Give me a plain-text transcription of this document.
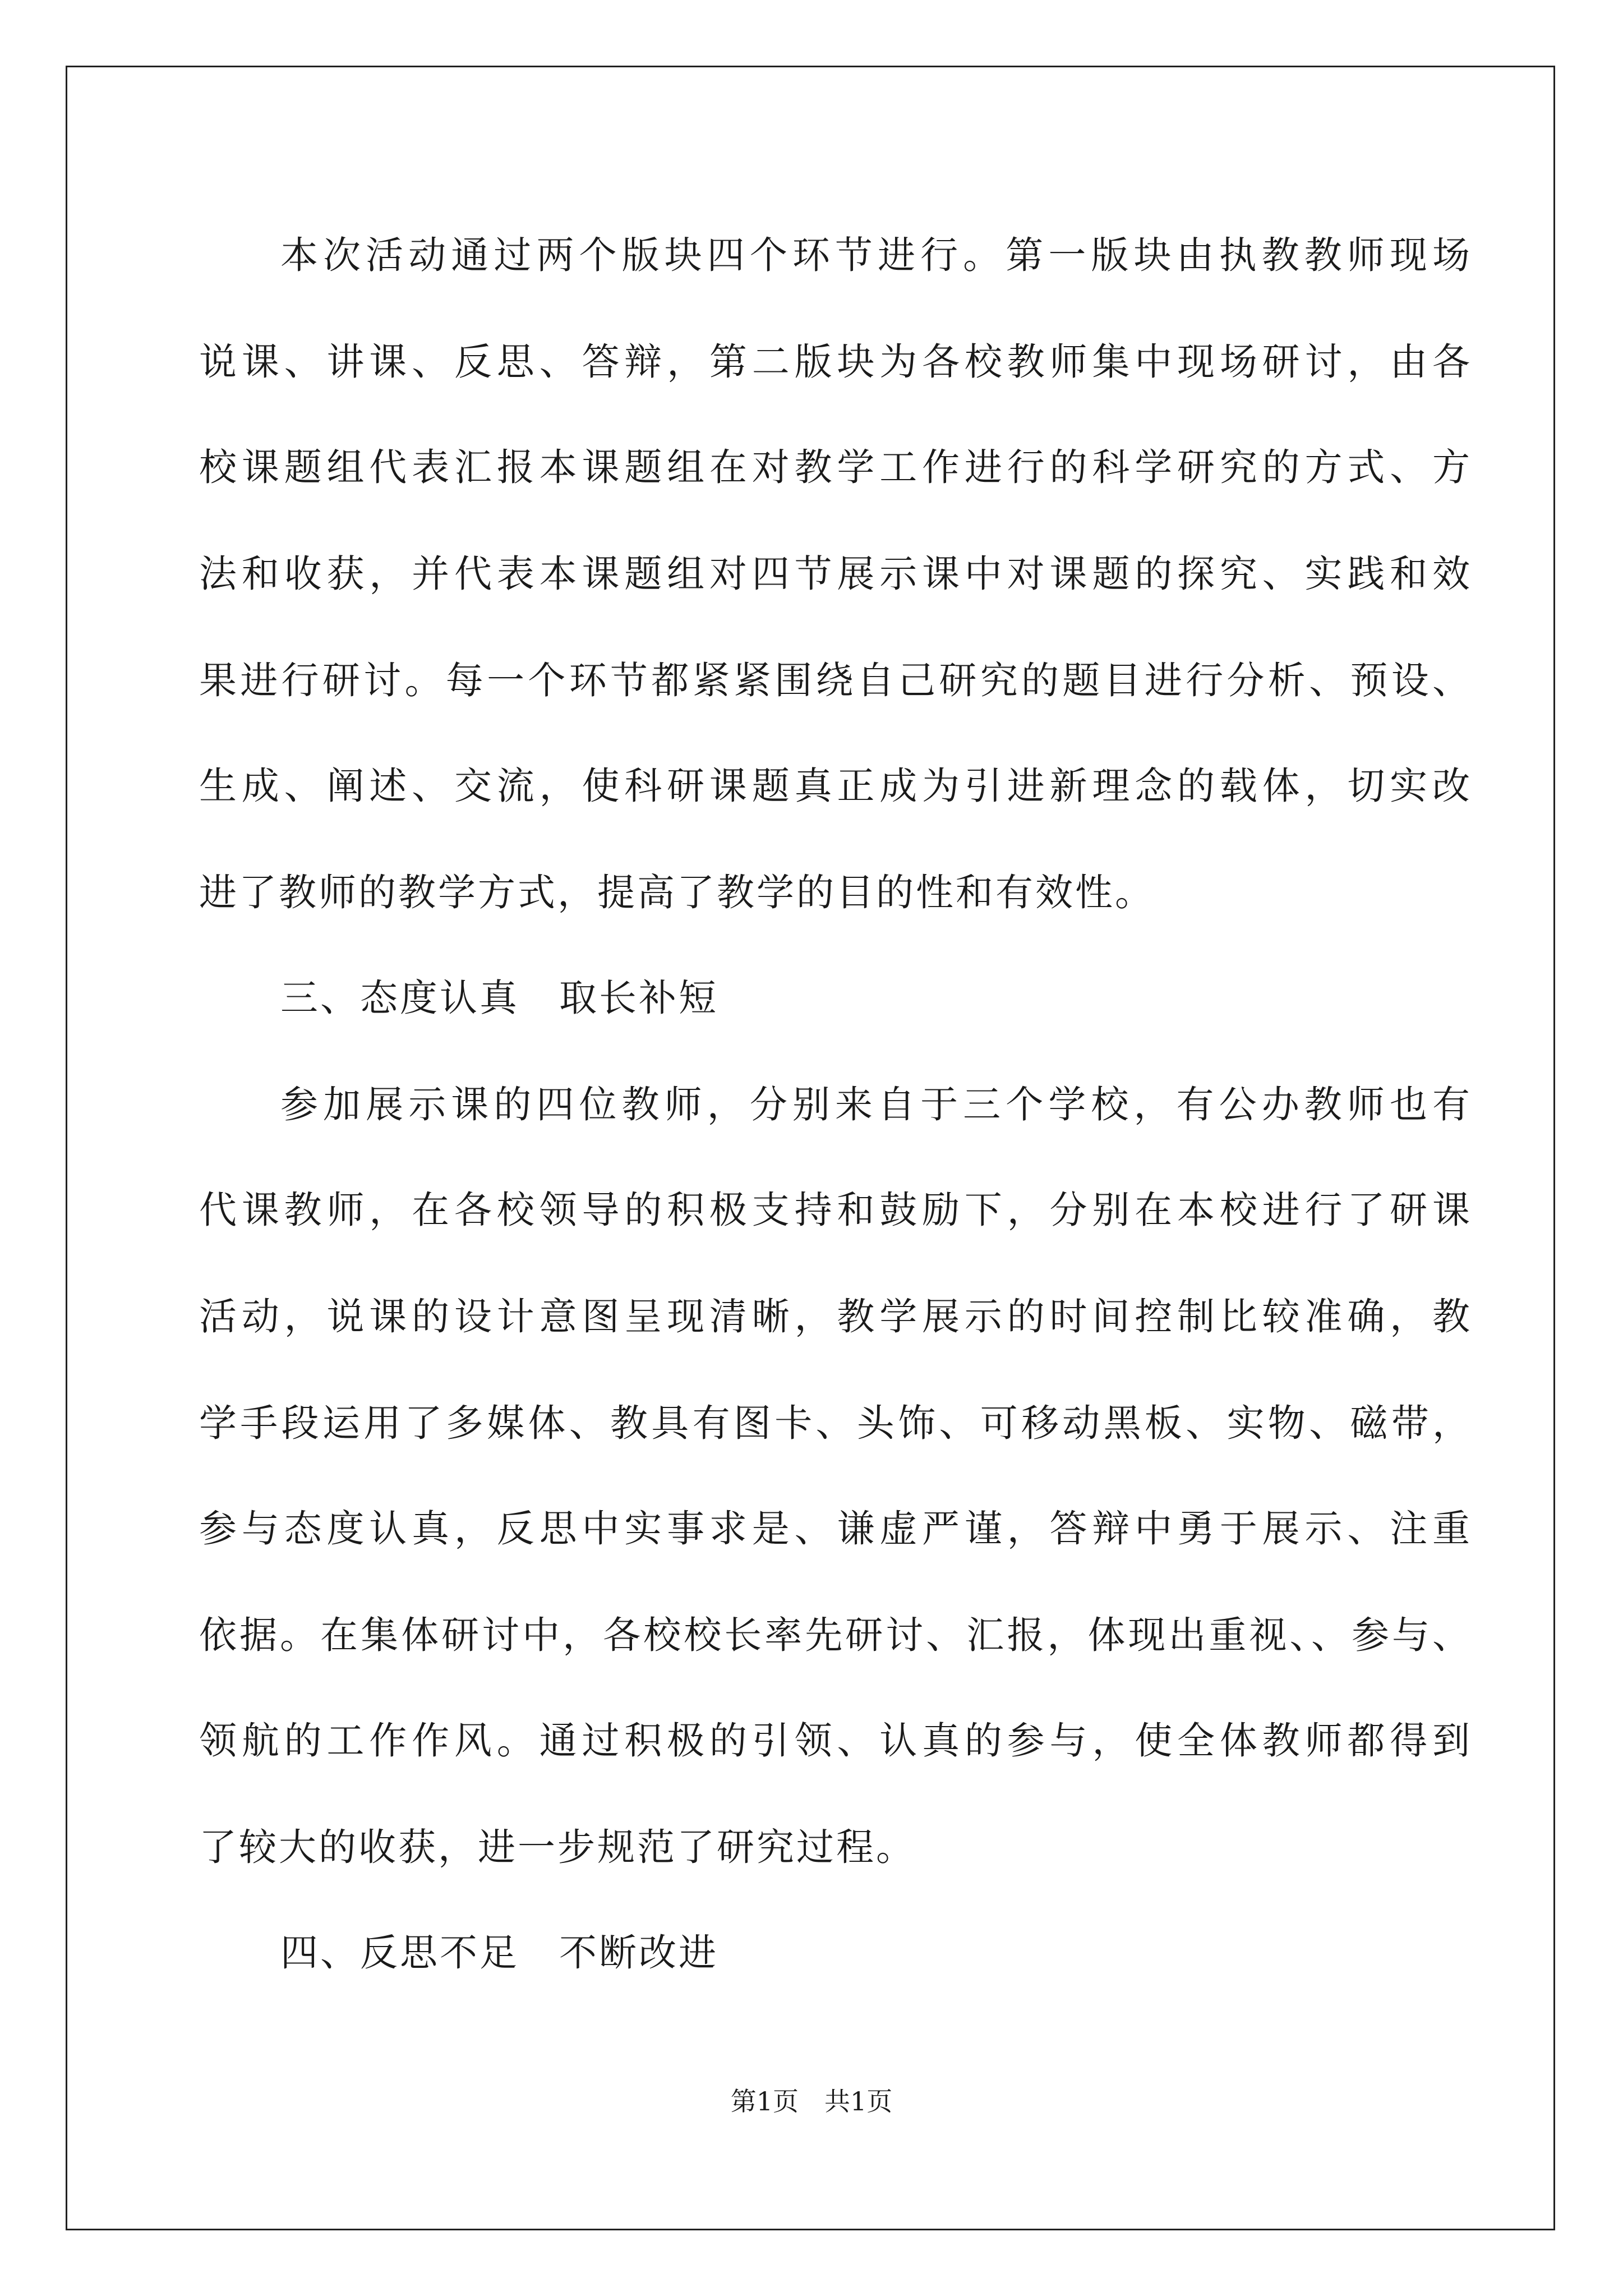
本次活动通过两个版块四个环节进行。第一版块由执教教师现场
说课、讲课、反思、答辩，第二版块为各校教师集中现场研讨，由各
校课题组代表汇报本课题组在对教学工作进行的科学研究的方式、方
法和收获，并代表本课题组对四节展示课中对课题的探究、实践和效
果进行研讨。每一个环节都紧紧围绕自己研究的题目进行分析、预设、
生成、阐述、交流，使科研课题真正成为引进新理念的载体，切实改
进了教师的教学方式，提高了教学的目的性和有效性。
三、态度认真　取长补短
参加展示课的四位教师，分别来自于三个学校，有公办教师也有
代课教师，在各校领导的积极支持和鼓励下，分别在本校进行了研课
活动，说课的设计意图呈现清晰，教学展示的时间控制比较准确，教
学手段运用了多媒体、教具有图卡、头饰、可移动黑板、实物、磁带，
参与态度认真，反思中实事求是、谦虚严谨，答辩中勇于展示、注重
依据。在集体研讨中，各校校长率先研讨、汇报，体现出重视、、参与、
领航的工作作风。通过积极的引领、认真的参与，使全体教师都得到
了较大的收获，进一步规范了研究过程。
四、反思不足　不断改进
第1页　共1页
